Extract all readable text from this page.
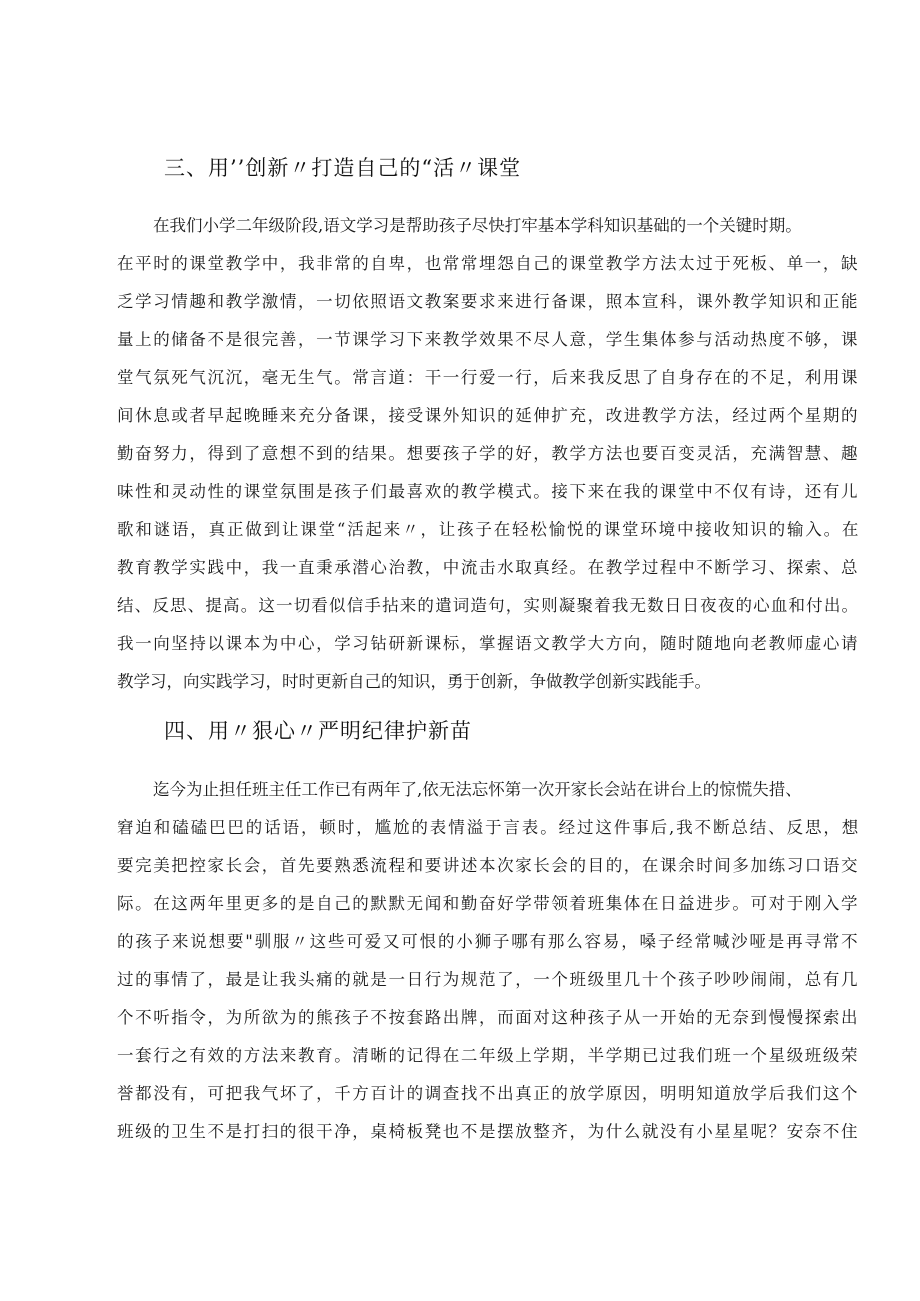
三、用’’创新〃打造自己的“活〃课堂
在我们小学二年级阶段,语文学习是帮助孩子尽快打牢基本学科知识基础的一个关键时期。
在平时的课堂教学中，我非常的自卑，也常常埋怨自己的课堂教学方法太过于死板、单一，缺
乏学习情趣和教学激情，一切依照语文教案要求来进行备课，照本宣科，课外教学知识和正能
量上的储备不是很完善，一节课学习下来教学效果不尽人意，学生集体参与活动热度不够，课
堂气氛死气沉沉，毫无生气。常言道：干一行爱一行，后来我反思了自身存在的不足，利用课
间休息或者早起晚睡来充分备课，接受课外知识的延伸扩充，改进教学方法，经过两个星期的
勤奋努力，得到了意想不到的结果。想要孩子学的好，教学方法也要百变灵活，充满智慧、趣
味性和灵动性的课堂氛围是孩子们最喜欢的教学模式。接下来在我的课堂中不仅有诗，还有儿
歌和谜语，真正做到让课堂“活起来〃，让孩子在轻松愉悦的课堂环境中接收知识的输入。在
教育教学实践中，我一直秉承潜心治教，中流击水取真经。在教学过程中不断学习、探索、总
结、反思、提高。这一切看似信手拈来的遣词造句，实则凝聚着我无数日日夜夜的心血和付出。
我一向坚持以课本为中心，学习钻研新课标，掌握语文教学大方向，随时随地向老教师虚心请
教学习，向实践学习，时时更新自己的知识，勇于创新，争做教学创新实践能手。
四、用〃狠心〃严明纪律护新苗
迄今为止担任班主任工作已有两年了,依无法忘怀第一次开家长会站在讲台上的惊慌失措、
窘迫和磕磕巴巴的话语，顿时，尴尬的表情溢于言表。经过这件事后,我不断总结、反思，想
要完美把控家长会，首先要熟悉流程和要讲述本次家长会的目的，在课余时间多加练习口语交
际。在这两年里更多的是自己的默默无闻和勤奋好学带领着班集体在日益进步。可对于刚入学
的孩子来说想要"驯服〃这些可爱又可恨的小狮子哪有那么容易，嗓子经常喊沙哑是再寻常不
过的事情了，最是让我头痛的就是一日行为规范了，一个班级里几十个孩子吵吵闹闹，总有几
个不听指令，为所欲为的熊孩子不按套路出牌，而面对这种孩子从一开始的无奈到慢慢探索出
一套行之有效的方法来教育。清晰的记得在二年级上学期，半学期已过我们班一个星级班级荣
誉都没有，可把我气坏了，千方百计的调查找不出真正的放学原因，明明知道放学后我们这个
班级的卫生不是打扫的很干净，桌椅板凳也不是摆放整齐，为什么就没有小星星呢？安奈不住
